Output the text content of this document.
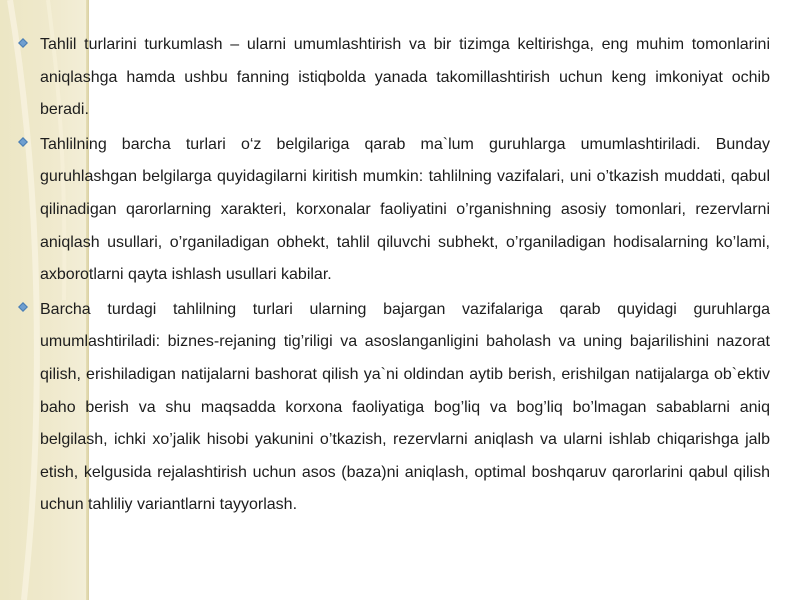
Tahlil turlarini turkumlash – ularni umumlashtirish va bir tizimga keltirishga, eng muhim tomonlarini aniqlashga hamda ushbu fanning istiqbolda yanada takomillashtirish uchun keng imkoniyat ochib beradi.

Tahlilning barcha turlari o‘z belgilariga qarab ma`lum guruhlarga umumlashtiriladi. Bunday guruhlashgan belgilarga quyidagilarni kiritish mumkin: tahlilning vazifalari, uni o’tkazish muddati, qabul qilinadigan qarorlarning xarakteri, korxonalar faoliyatini o’rganishning asosiy tomonlari, rezervlarni aniqlash usullari, o’rganiladigan obhekt, tahlil qiluvchi subhekt, o’rganiladigan hodisalarning ko’lami, axborotlarni qayta ishlash usullari kabilar.

Barcha turdagi tahlilning turlari ularning bajargan vazifalariga qarab quyidagi guruhlarga umumlashtiriladi: biznes-rejaning tig’riligi va asoslanganligini baholash va uning bajarilishini nazorat qilish, erishiladigan natijalarni bashorat qilish ya`ni oldindan aytib berish, erishilgan natijalarga ob`ektiv baho berish va shu maqsadda korxona faoliyatiga bog’liq va bog’liq bo’lmagan sabablarni aniq belgilash, ichki xo’jalik hisobi yakunini o’tkazish, rezervlarni aniqlash va ularni ishlab chiqarishga jalb etish, kelgusida rejalashtirish uchun asos (baza)ni aniqlash, optimal boshqaruv qarorlarini qabul qilish uchun tahliliy variantlarni tayyorlash.
